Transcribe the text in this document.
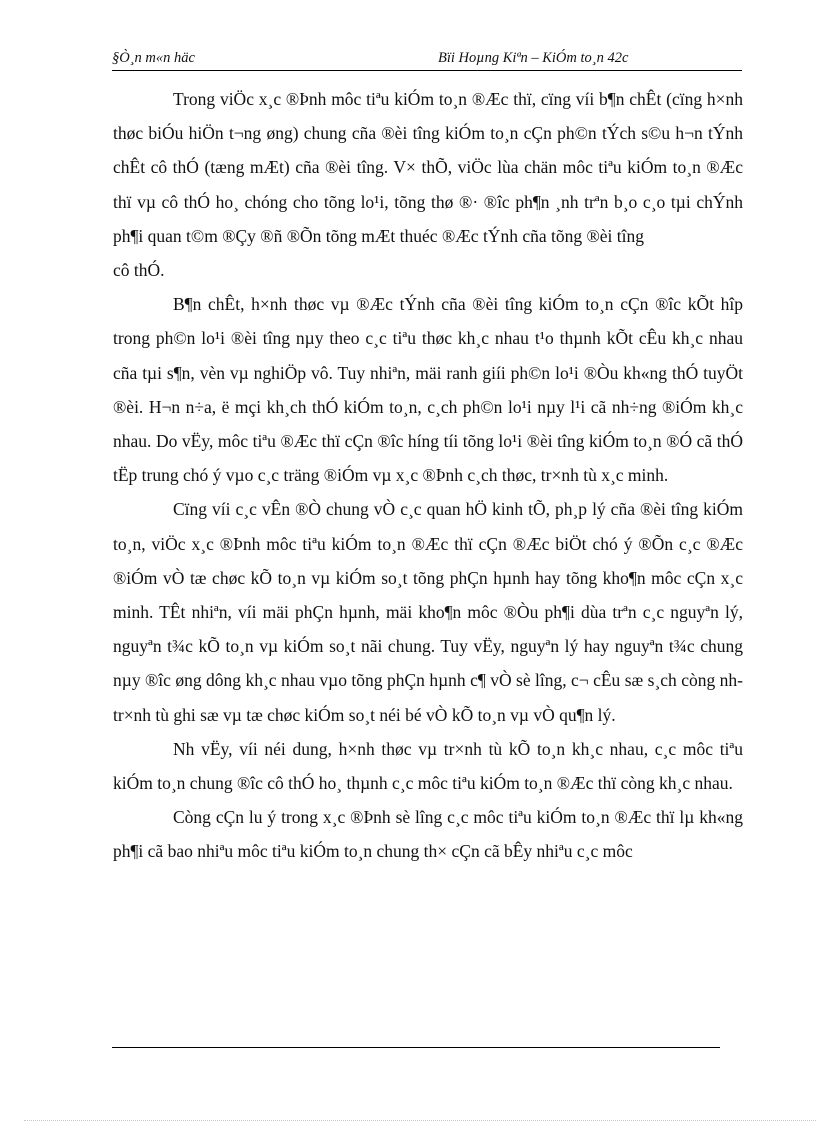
§Ò¸n m«n häc	Bïi Hoµng Kiªn – KiÓm to¸n 42c

Trong viÖc x¸c ®Þnh môc tiªu kiÓm to¸n ®Æc thï, cïng víi b¶n chÊt (cïng h×nh thøc biÓu hiÖn t¬ng øng) chung cña ®èi tîng kiÓm to¸n cÇn ph©n tÝch s©u h¬n tÝnh chÊt cô thÓ (tæng mÆt) cña ®èi tîng. V× thÕ, viÖc lùa chän môc tiªu kiÓm to¸n ®Æc thï vµ cô thÓ ho¸ chóng cho tõng lo¹i, tõng thø ®· ®îc ph¶n ¸nh trªn b¸o c¸o tµi chÝnh ph¶i quan t©m ®Çy ®ñ ®Õn tõng mÆt thuéc ®Æc tÝnh cña tõng ®èi tîng

cô thÓ.

B¶n chÊt, h×nh thøc vµ ®Æc tÝnh cña ®èi tîng kiÓm to¸n cÇn ®îc kÕt hîp trong ph©n lo¹i ®èi tîng nµy theo c¸c tiªu thøc kh¸c nhau t¹o thµnh kÕt cÊu kh¸c nhau cña tµi s¶n, vèn vµ nghiÖp vô. Tuy nhiªn, mäi ranh giíi ph©n lo¹i ®Òu kh«ng thÓ tuyÖt ®èi. H¬n n÷a, ë mçi kh¸ch thÓ kiÓm to¸n, c¸ch ph©n lo¹i nµy l¹i cã nh÷ng ®iÓm kh¸c nhau. Do vËy, môc tiªu ®Æc thï cÇn ®îc híng tíi tõng lo¹i ®èi tîng kiÓm to¸n ®Ó cã thÓ tËp trung chó ý vµo c¸c träng ®iÓm vµ x¸c ®Þnh c¸ch thøc, tr×nh tù x¸c minh.

Cïng víi c¸c vÊn ®Ò chung vÒ c¸c quan hÖ kinh tÕ, ph¸p lý cña ®èi tîng kiÓm to¸n, viÖc x¸c ®Þnh môc tiªu kiÓm to¸n ®Æc thï cÇn ®Æc biÖt chó ý ®Õn c¸c ®Æc ®iÓm vÒ tæ chøc kÕ to¸n vµ kiÓm so¸t tõng phÇn hµnh hay tõng kho¶n môc cÇn x¸c minh. TÊt nhiªn, víi mäi phÇn hµnh, mäi kho¶n môc ®Òu ph¶i dùa trªn c¸c nguyªn lý, nguyªn t¾c kÕ to¸n vµ kiÓm so¸t nãi chung. Tuy vËy, nguyªn lý hay nguyªn t¾c chung nµy ®îc øng dông kh¸c nhau vµo tõng phÇn hµnh c¶ vÒ sè lîng, c¬ cÊu sæ s¸ch còng nh tr×nh tù ghi sæ vµ tæ chøc kiÓm so¸t néi bé vÒ kÕ to¸n vµ vÒ qu¶n lý.

Nh vËy, víi néi dung, h×nh thøc vµ tr×nh tù kÕ to¸n kh¸c nhau, c¸c môc tiªu kiÓm to¸n chung ®îc cô thÓ ho¸ thµnh c¸c môc tiªu kiÓm to¸n ®Æc thï còng kh¸c nhau.

Còng cÇn lu ý trong x¸c ®Þnh sè lîng c¸c môc tiªu kiÓm to¸n ®Æc thï lµ kh«ng ph¶i cã bao nhiªu môc tiªu kiÓm to¸n chung th× cÇn cã bÊy nhiªu c¸c môc
